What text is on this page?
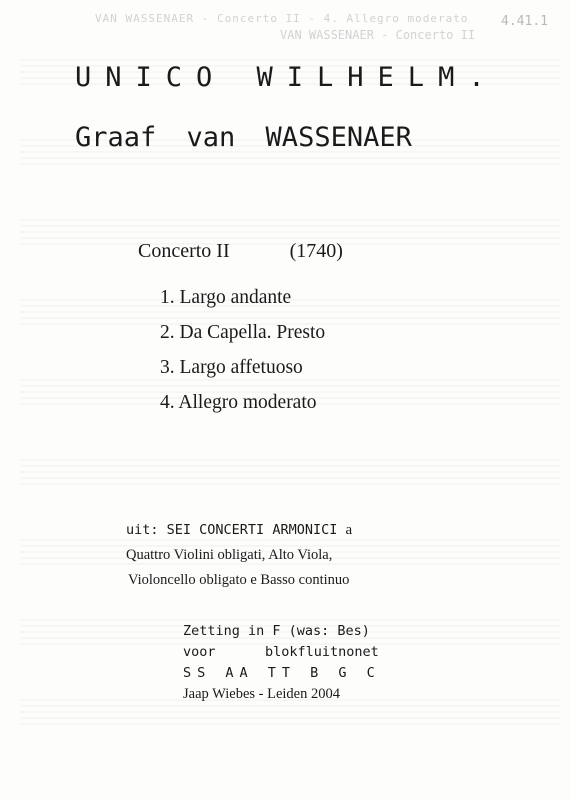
VAN WASSENAER - Concerto II - 4. Allegro moderato
VAN WASSENAER - Concerto II
4.41.1
UNICO WILHELM.
Graaf van WASSENAER
Concerto II	(1740)
1. Largo andante
2. Da Capella. Presto
3. Largo affetuoso
4. Allegro moderato
uit: SEI CONCERTI ARMONICI a
Quattro Violini obligati, Alto Viola,
Violoncello obligato e Basso continuo
Zetting in F (was: Bes)
voor	blokfluitnonet
SS AA TT B G C
Jaap Wiebes - Leiden 2004
